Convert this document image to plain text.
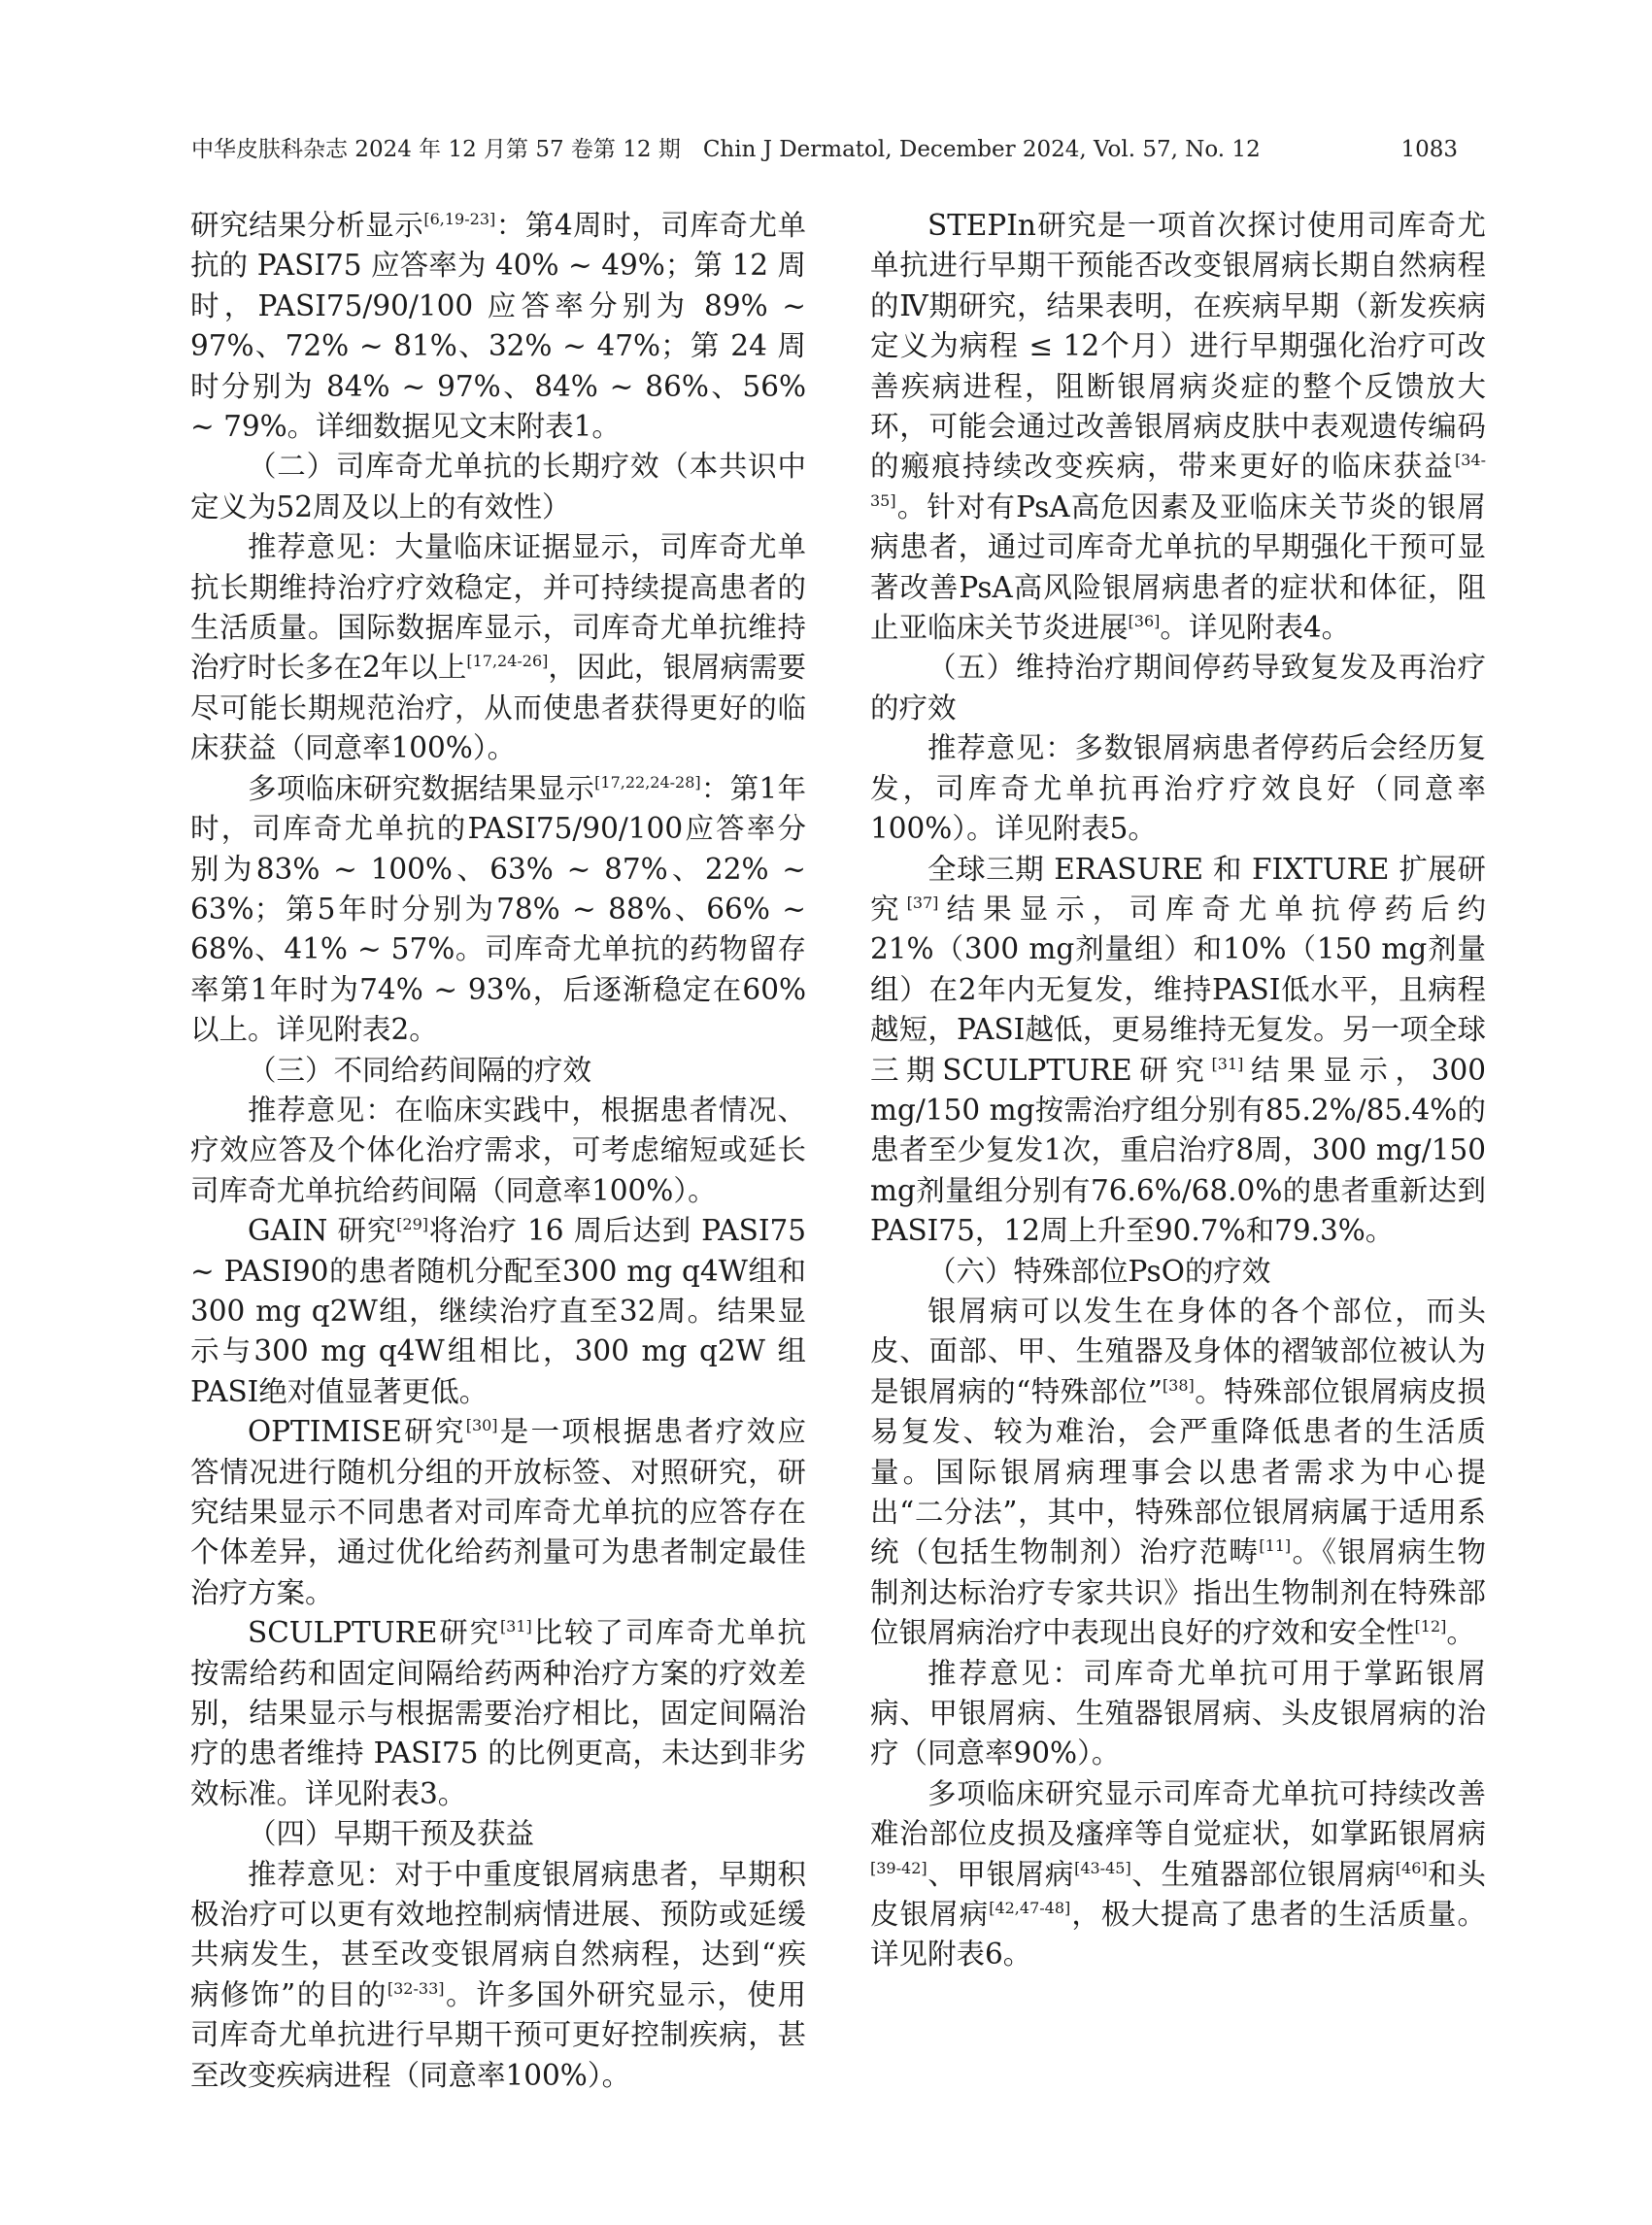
中华皮肤科杂志 2024 年 12 月第 57 卷第 12 期　Chin J Dermatol, December 2024, Vol. 57, No. 12	1083

研究结果分析显示[6,19-23]：第4周时，司库奇尤单抗的 PASI75 应答率为 40% ~ 49%；第 12 周时，PASI75/90/100 应答率分别为 89% ~ 97%、72% ~ 81%、32% ~ 47%；第 24 周时分别为 84% ~ 97%、84% ~ 86%、56% ~ 79%。详细数据见文末附表1。

（二）司库奇尤单抗的长期疗效（本共识中定义为52周及以上的有效性）

推荐意见：大量临床证据显示，司库奇尤单抗长期维持治疗疗效稳定，并可持续提高患者的生活质量。国际数据库显示，司库奇尤单抗维持治疗时长多在2年以上[17,24-26]，因此，银屑病需要尽可能长期规范治疗，从而使患者获得更好的临床获益（同意率100%）。

多项临床研究数据结果显示[17,22,24-28]：第1年时，司库奇尤单抗的PASI75/90/100应答率分别为83% ~ 100%、63% ~ 87%、22% ~ 63%；第5年时分别为78% ~ 88%、66% ~ 68%、41% ~ 57%。司库奇尤单抗的药物留存率第1年时为74% ~ 93%，后逐渐稳定在60%以上。详见附表2。

（三）不同给药间隔的疗效

推荐意见：在临床实践中，根据患者情况、疗效应答及个体化治疗需求，可考虑缩短或延长司库奇尤单抗给药间隔（同意率100%）。

GAIN 研究[29]将治疗 16 周后达到 PASI75 ~ PASI90的患者随机分配至300 mg q4W组和300 mg q2W组，继续治疗直至32周。结果显示与300 mg q4W组相比，300 mg q2W 组PASI绝对值显著更低。

OPTIMISE研究[30]是一项根据患者疗效应答情况进行随机分组的开放标签、对照研究，研究结果显示不同患者对司库奇尤单抗的应答存在个体差异，通过优化给药剂量可为患者制定最佳治疗方案。

SCULPTURE研究[31]比较了司库奇尤单抗按需给药和固定间隔给药两种治疗方案的疗效差别，结果显示与根据需要治疗相比，固定间隔治疗的患者维持 PASI75 的比例更高，未达到非劣效标准。详见附表3。

（四）早期干预及获益

推荐意见：对于中重度银屑病患者，早期积极治疗可以更有效地控制病情进展、预防或延缓共病发生，甚至改变银屑病自然病程，达到“疾病修饰”的目的[32-33]。许多国外研究显示，使用司库奇尤单抗进行早期干预可更好控制疾病，甚至改变疾病进程（同意率100%）。

STEPIn研究是一项首次探讨使用司库奇尤单抗进行早期干预能否改变银屑病长期自然病程的Ⅳ期研究，结果表明，在疾病早期（新发疾病定义为病程 ≤ 12个月）进行早期强化治疗可改善疾病进程，阻断银屑病炎症的整个反馈放大环，可能会通过改善银屑病皮肤中表观遗传编码的瘢痕持续改变疾病，带来更好的临床获益[34-35]。针对有PsA高危因素及亚临床关节炎的银屑病患者，通过司库奇尤单抗的早期强化干预可显著改善PsA高风险银屑病患者的症状和体征，阻止亚临床关节炎进展[36]。详见附表4。

（五）维持治疗期间停药导致复发及再治疗的疗效

推荐意见：多数银屑病患者停药后会经历复发，司库奇尤单抗再治疗疗效良好（同意率100%）。详见附表5。

全球三期 ERASURE 和 FIXTURE 扩展研究[37]结果显示，司库奇尤单抗停药后约21%（300 mg剂量组）和10%（150 mg剂量组）在2年内无复发，维持PASI低水平，且病程越短，PASI越低，更易维持无复发。另一项全球三期SCULPTURE研究[31]结果显示，300 mg/150 mg按需治疗组分别有85.2%/85.4%的患者至少复发1次，重启治疗8周，300 mg/150 mg剂量组分别有76.6%/68.0%的患者重新达到PASI75，12周上升至90.7%和79.3%。

（六）特殊部位PsO的疗效

银屑病可以发生在身体的各个部位，而头皮、面部、甲、生殖器及身体的褶皱部位被认为是银屑病的“特殊部位”[38]。特殊部位银屑病皮损易复发、较为难治，会严重降低患者的生活质量。国际银屑病理事会以患者需求为中心提出“二分法”，其中，特殊部位银屑病属于适用系统（包括生物制剂）治疗范畴[11]。《银屑病生物制剂达标治疗专家共识》指出生物制剂在特殊部位银屑病治疗中表现出良好的疗效和安全性[12]。

推荐意见：司库奇尤单抗可用于掌跖银屑病、甲银屑病、生殖器银屑病、头皮银屑病的治疗（同意率90%）。

多项临床研究显示司库奇尤单抗可持续改善难治部位皮损及瘙痒等自觉症状，如掌跖银屑病[39-42]、甲银屑病[43-45]、生殖器部位银屑病[46]和头皮银屑病[42,47-48]，极大提高了患者的生活质量。详见附表6。
